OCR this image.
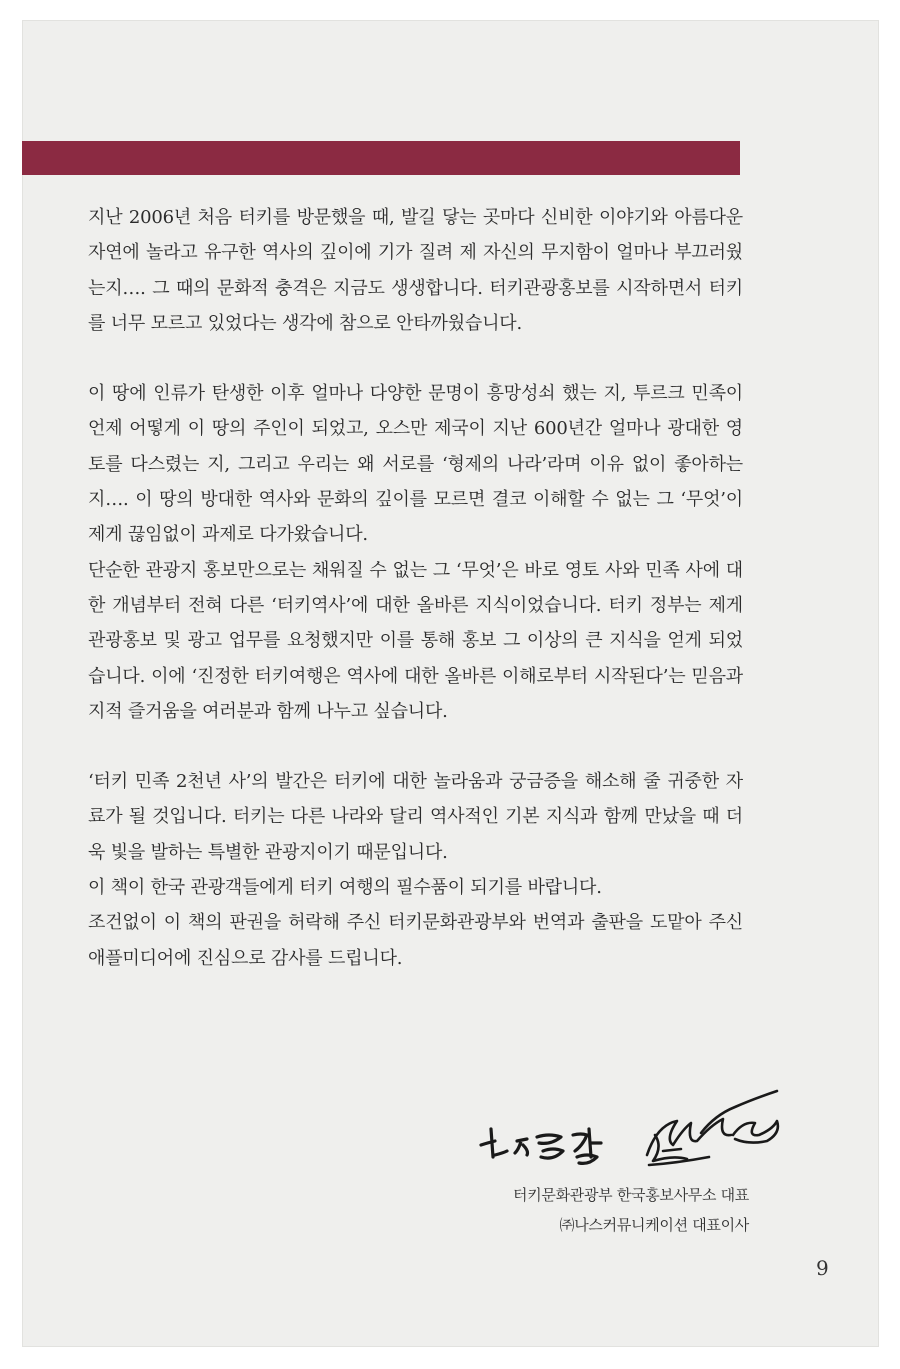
지난 2006년 처음 터키를 방문했을 때, 발길 닿는 곳마다 신비한 이야기와 아름다운 자연에 놀라고 유구한 역사의 깊이에 기가 질려 제 자신의 무지함이 얼마나 부끄러웠는지…. 그 때의 문화적 충격은 지금도 생생합니다. 터키관광홍보를 시작하면서 터키를 너무 모르고 있었다는 생각에 참으로 안타까웠습니다.

이 땅에 인류가 탄생한 이후 얼마나 다양한 문명이 흥망성쇠 했는 지, 투르크 민족이 언제 어떻게 이 땅의 주인이 되었고, 오스만 제국이 지난 600년간 얼마나 광대한 영토를 다스렸는 지, 그리고 우리는 왜 서로를 ‘형제의 나라’라며 이유 없이 좋아하는 지…. 이 땅의 방대한 역사와 문화의 깊이를 모르면 결코 이해할 수 없는 그 ‘무엇’이 제게 끊임없이 과제로 다가왔습니다.

단순한 관광지 홍보만으로는 채워질 수 없는 그 ‘무엇’은 바로 영토 사와 민족 사에 대한 개념부터 전혀 다른 ‘터키역사’에 대한 올바른 지식이었습니다. 터키 정부는 제게 관광홍보 및 광고 업무를 요청했지만 이를 통해 홍보 그 이상의 큰 지식을 얻게 되었습니다. 이에 ‘진정한 터키여행은 역사에 대한 올바른 이해로부터 시작된다’는 믿음과 지적 즐거움을 여러분과 함께 나누고 싶습니다.

‘터키 민족 2천년 사’의 발간은 터키에 대한 놀라움과 궁금증을 해소해 줄 귀중한 자료가 될 것입니다. 터키는 다른 나라와 달리 역사적인 기본 지식과 함께 만났을 때 더욱 빛을 발하는 특별한 관광지이기 때문입니다.

이 책이 한국 관광객들에게 터키 여행의 필수품이 되기를 바랍니다.

조건없이 이 책의 판권을 허락해 주신 터키문화관광부와 번역과 출판을 도맡아 주신 애플미디어에 진심으로 감사를 드립니다.

터키문화관광부 한국홍보사무소 대표
㈜나스커뮤니케이션 대표이사
9
